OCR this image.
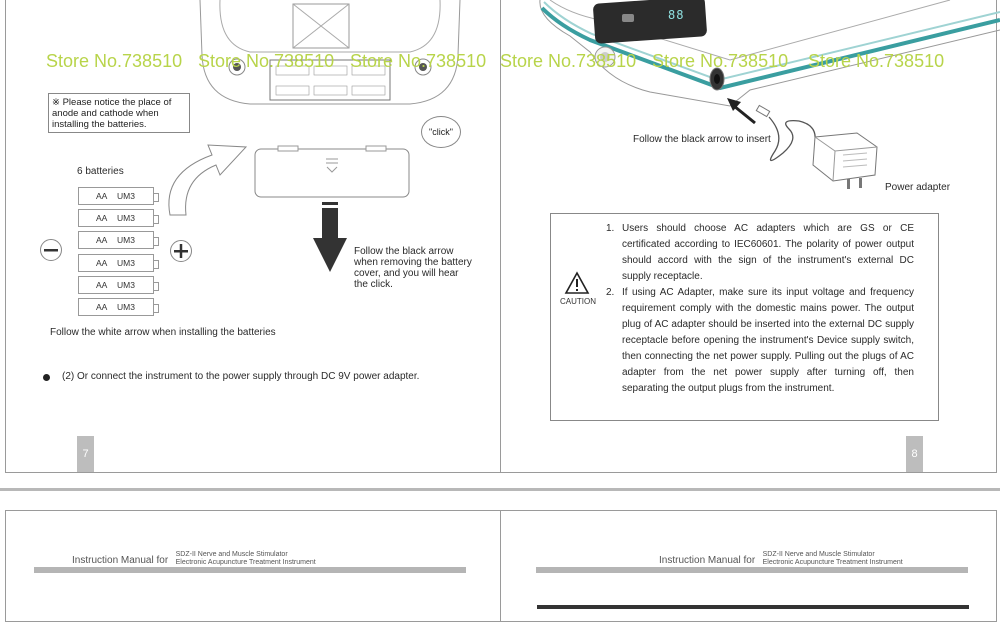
※ Please notice the place of anode and cathode when installing the batteries.
"click"
6 batteries
AA UM3
AA UM3
AA UM3
AA UM3
AA UM3
AA UM3
Follow the black arrow when removing the battery cover, and you will hear the click.
Follow the white arrow when installing the batteries
(2) Or connect the instrument to the power supply through DC 9V power adapter.
7
88
Follow the black arrow to insert
Power adapter
CAUTION
1. Users should choose AC adapters which are GS or CE certificated according to IEC60601. The polarity of power output should accord with the sign of the instrument's external DC supply receptacle.
2. If using AC Adapter, make sure its input voltage and frequency requirement comply with the domestic mains power. The output plug of AC adapter should be inserted into the external DC supply receptacle before opening the instrument's Device supply switch, then connecting the net power supply. Pulling out the plugs of AC adapter from the net power supply after turning off, then separating the output plugs from the instrument.
8
$^{Instruction Manual for}$
SDZ-II Nerve and Muscle Stimulator
Electronic Acupuncture Treatment Instrument	$^{Instruction Manual for}$
SDZ-II Nerve and Muscle Stimulator
Electronic Acupuncture Treatment Instrument
Store No.738510 Store No.738510 Store No.738510 Store No.738510 Store No.738510 Store No.738510
